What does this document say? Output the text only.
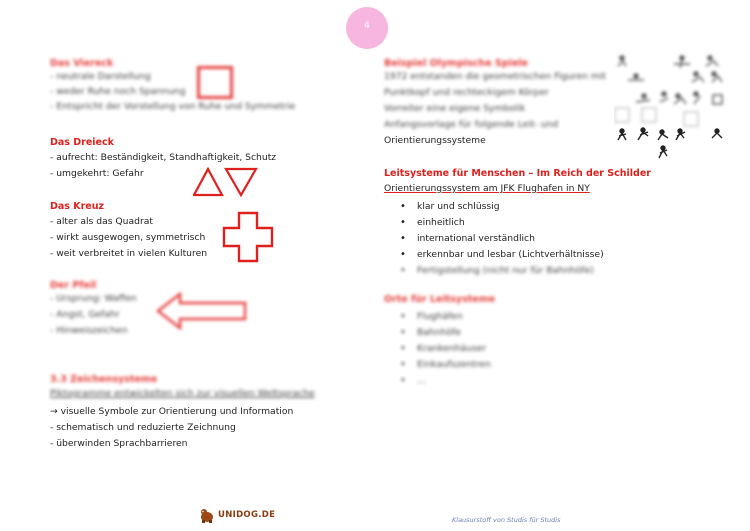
4
Das Viereck
- neutrale Darstellung
- weder Ruhe noch Spannung
- Entspricht der Vorstellung von Ruhe und Symmetrie
Das Dreieck
- aufrecht: Beständigkeit, Standhaftigkeit, Schutz
- umgekehrt: Gefahr
Das Kreuz
- alter als das Quadrat
- wirkt ausgewogen, symmetrisch
- weit verbreitet in vielen Kulturen
Der Pfeil
- Ursprung: Waffen
- Angst, Gefahr
- Hinweiszeichen
3.3 Zeichensysteme
Piktogramme entwickelten sich zur visuellen Weltsprache
→ visuelle Symbole zur Orientierung und Information
- schematisch und reduzierte Zeichnung
- überwinden Sprachbarrieren
Beispiel Olympische Spiele
1972 entstanden die geometrischen Figuren mit
Punktkopf und rechteckigem Körper
Vorreiter eine eigene Symbolik
Anfangsvorlage für folgende Leit- und
Orientierungssysteme
Leitsysteme für Menschen – Im Reich der Schilder
Orientierungssystem am JFK Flughafen in NY
• klar und schlüssig
• einheitlich
• international verständlich
• erkennbar und lesbar (Lichtverhältnisse)
• Fertigstellung (nicht nur für Bahnhöfe)
Orte für Leitsysteme
• Flughäfen
• Bahnhöfe
• Krankenhäuser
• Einkaufszentren
• ...
UNIDOG.DE	Klausurstoff von Studis für Studis
